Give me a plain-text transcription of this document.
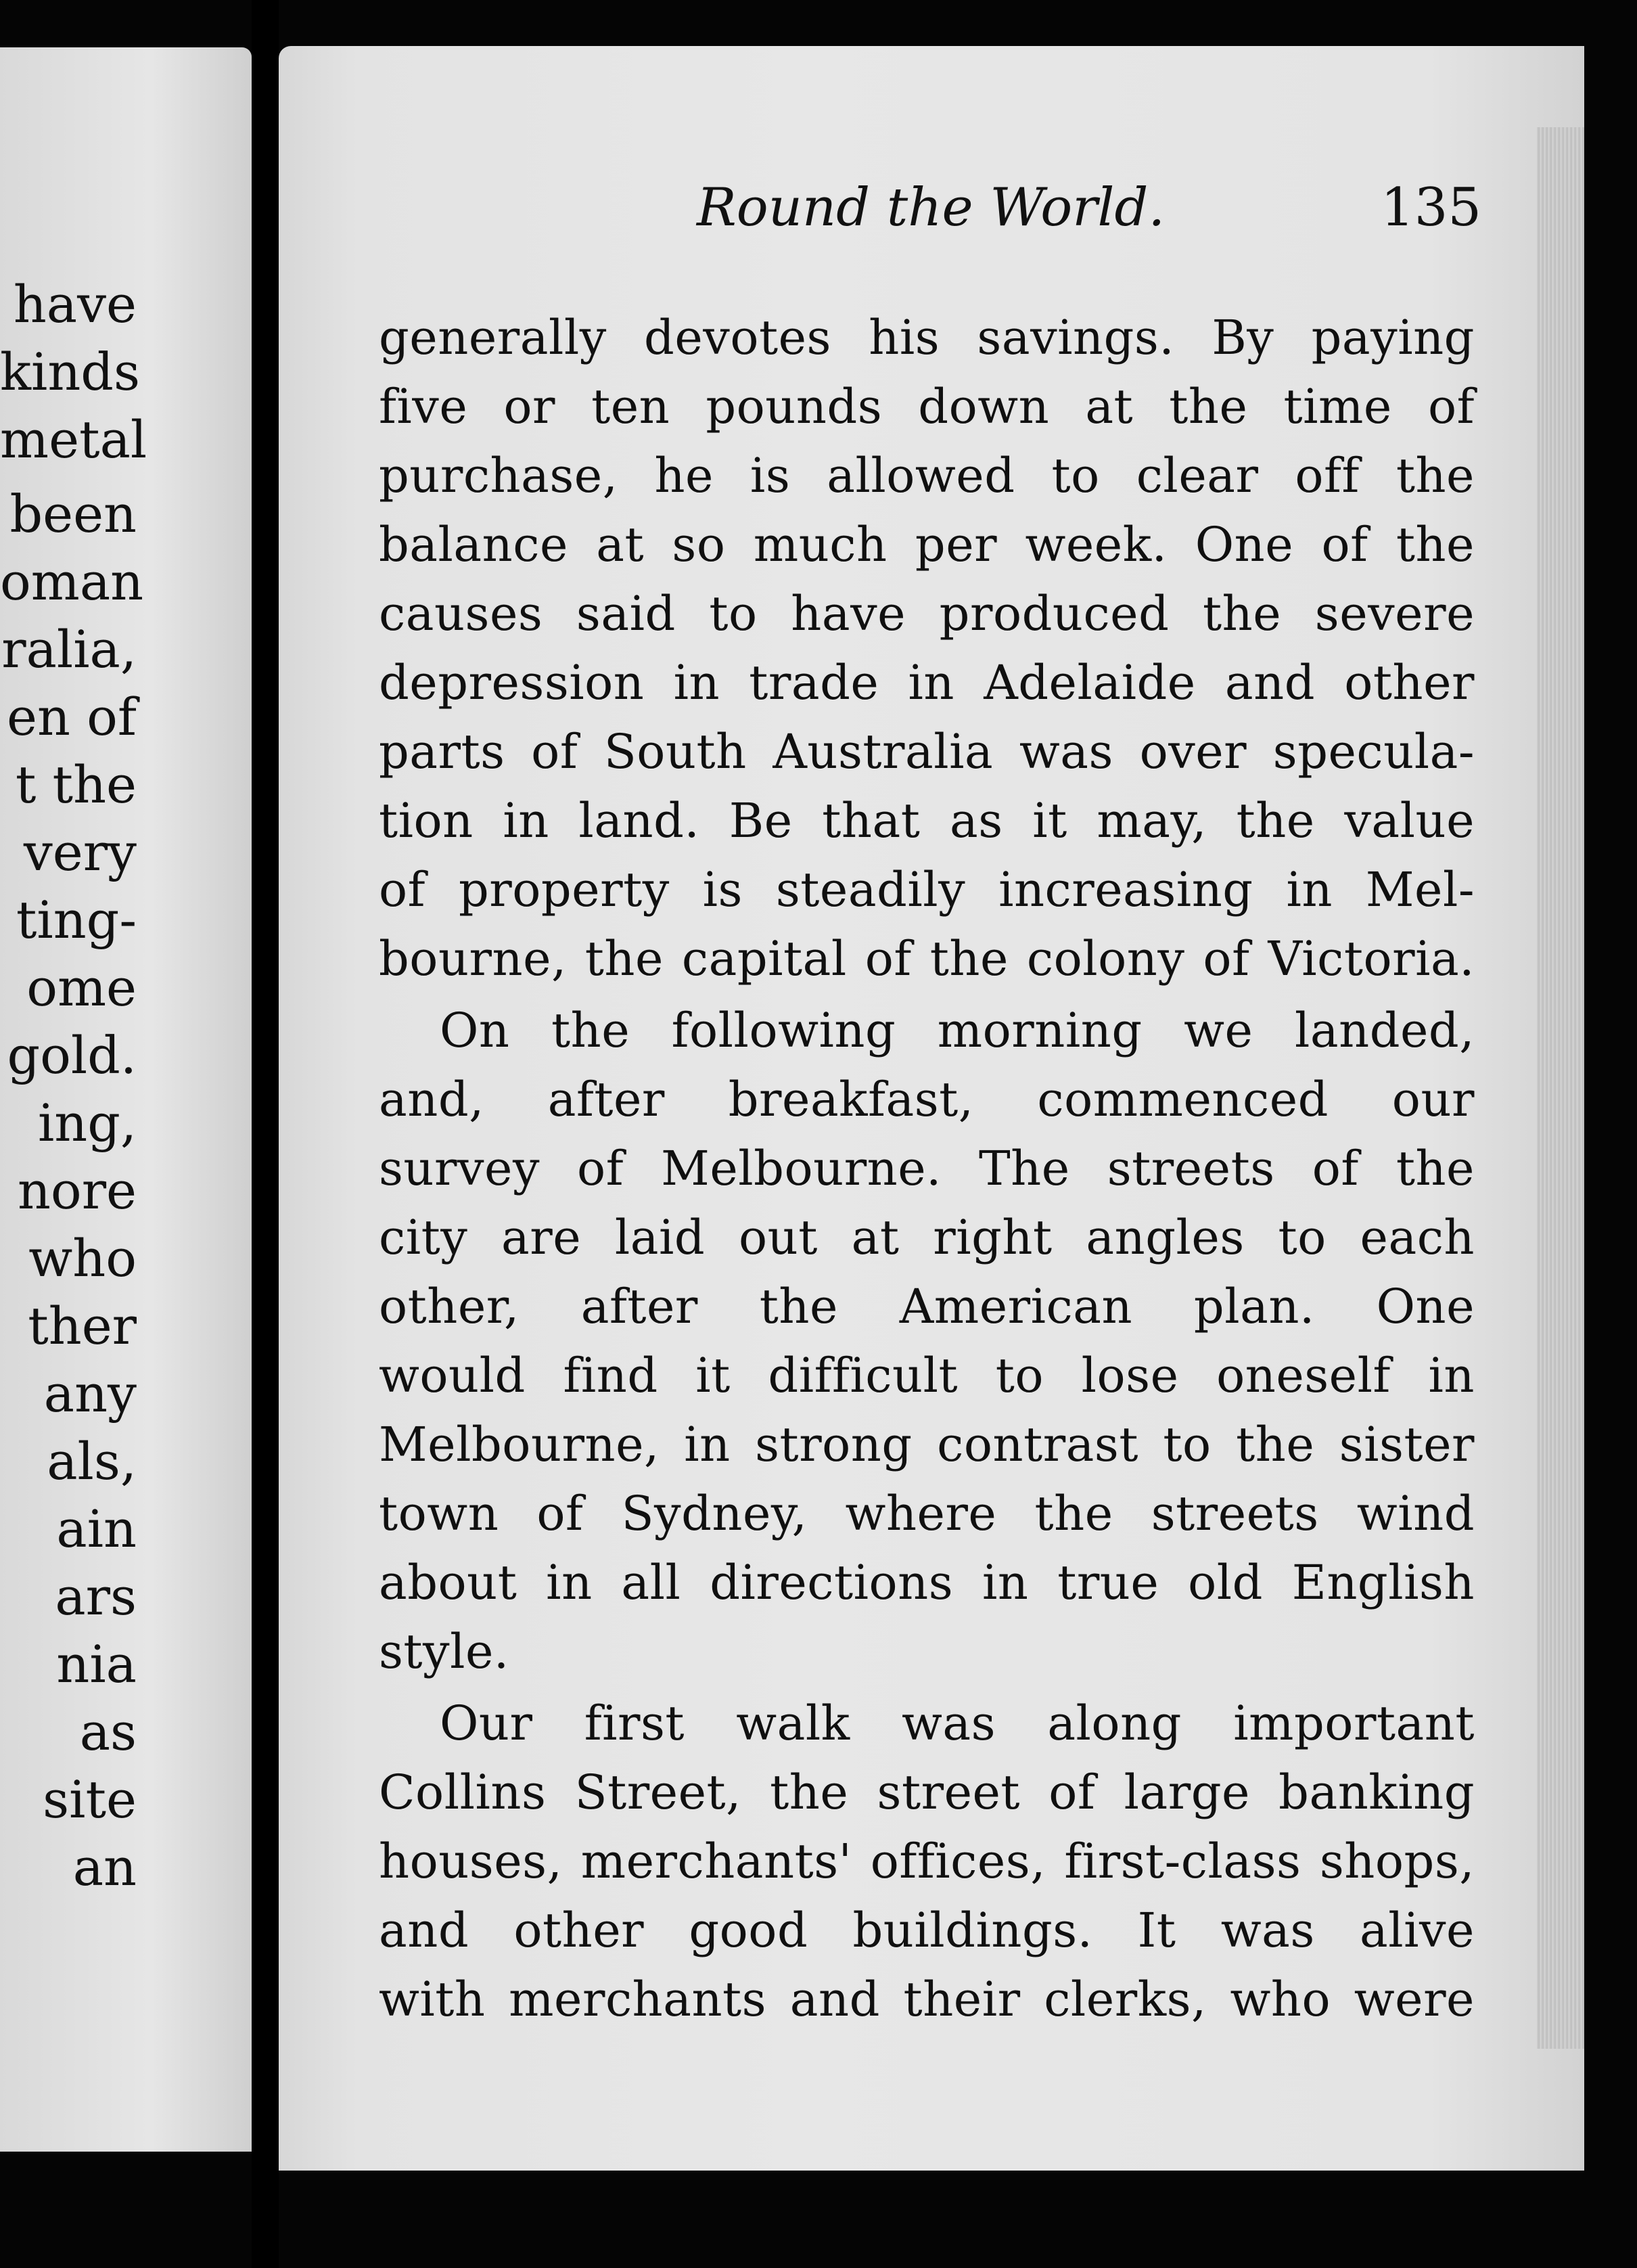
have
kinds
metal
been
oman
ralia,
en of
t the
very
ting-
ome
gold.
ing,
nore
who
ther
any
als,
ain
ars
nia
as
site
an
Round the World.	135
generally devotes his savings. By paying
five or ten pounds down at the time of
purchase, he is allowed to clear off the
balance at so much per week. One of the
causes said to have produced the severe
depression in trade in Adelaide and other
parts of South Australia was over specula-
tion in land. Be that as it may, the value
of property is steadily increasing in Mel-
bourne, the capital of the colony of Victoria.
On the following morning we landed,
and, after breakfast, commenced our
survey of Melbourne. The streets of the
city are laid out at right angles to each
other, after the American plan. One
would find it difficult to lose oneself in
Melbourne, in strong contrast to the sister
town of Sydney, where the streets wind
about in all directions in true old English
style.
Our first walk was along important
Collins Street, the street of large banking
houses, merchants' offices, first-class shops,
and other good buildings. It was alive
with merchants and their clerks, who were
